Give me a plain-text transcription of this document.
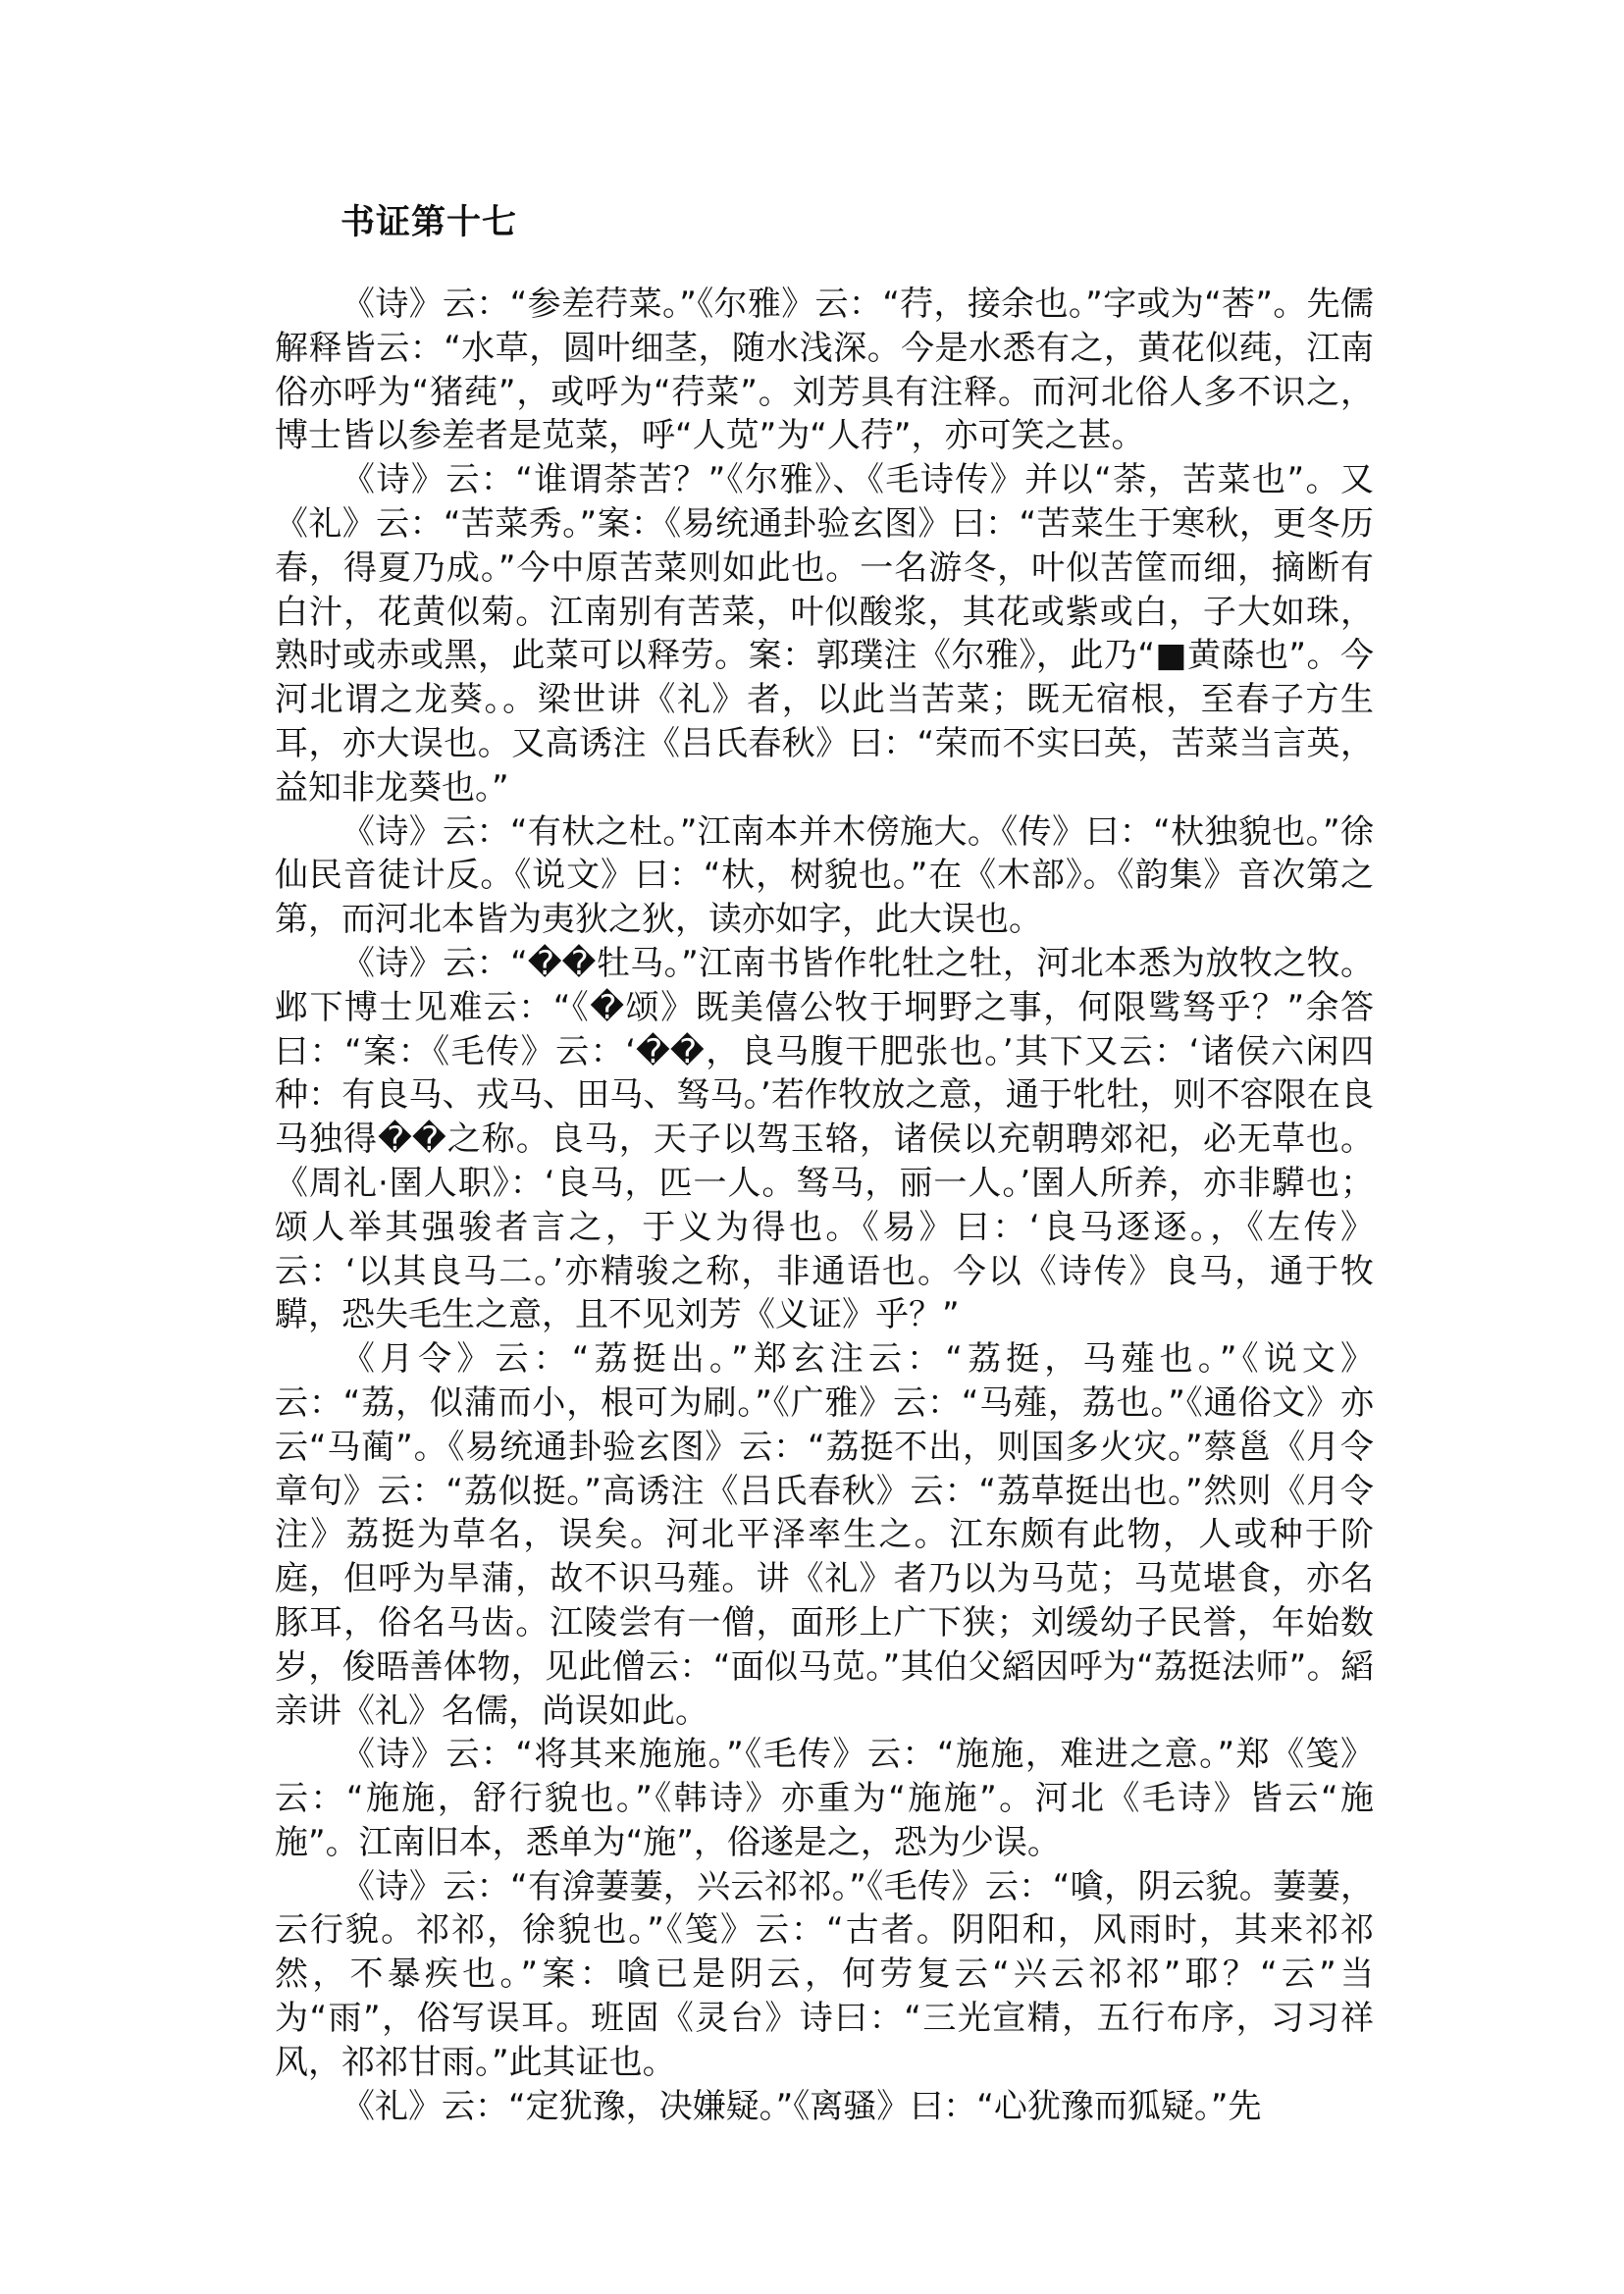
书证第十七

《诗》云：“参差荇菜。”《尔雅》云：“荇，接余也。”字或为“莕”。先儒解释皆云：“水草，圆叶细茎，随水浅深。今是水悉有之，黄花似莼，江南俗亦呼为“猪莼”，或呼为“荇菜”。刘芳具有注释。而河北俗人多不识之，博士皆以参差者是苋菜，呼“人苋”为“人荇”，亦可笑之甚。

《诗》云：“谁谓荼苦？”《尔雅》、《毛诗传》并以“荼，苦菜也”。又《礼》云：“苦菜秀。”案：《易统通卦验玄图》曰：“苦菜生于寒秋，更冬历春，得夏乃成。”今中原苦菜则如此也。一名游冬，叶似苦筐而细，摘断有白汁，花黄似菊。江南别有苦菜，叶似酸浆，其花或紫或白，子大如珠，熟时或赤或黑，此菜可以释劳。案：郭璞注《尔雅》，此乃“■黄蒢也”。今河北谓之龙葵。。梁世讲《礼》者，以此当苦菜；既无宿根，至春子方生耳，亦大误也。又高诱注《吕氏春秋》曰：“荣而不实曰英，苦菜当言英，益知非龙葵也。”

《诗》云：“有杕之杜。”江南本并木傍施大。《传》曰：“杕独貌也。”徐仙民音徒计反。《说文》曰：“杕，树貌也。”在《木部》。《韵集》音次第之第，而河北本皆为夷狄之狄，读亦如字，此大误也。

《诗》云：“��牡马。”江南书皆作牝牡之牡，河北本悉为放牧之牧。邺下博士见难云：“《�颂》既美僖公牧于坰野之事，何限骘驽乎？”余答曰：“案：《毛传》云：‘��，良马腹干肥张也。’其下又云：‘诸侯六闲四种：有良马、戎马、田马、驽马。’若作牧放之意，通于牝牡，则不容限在良马独得��之称。良马，天子以驾玉辂，诸侯以充朝聘郊祀，必无草也。《周礼·圉人职》：‘良马，匹一人。驽马，丽一人。’圉人所养，亦非騲也；颂人举其强骏者言之，于义为得也。《易》曰：‘良马逐逐。，《左传》云：‘以其良马二。’亦精骏之称，非通语也。今以《诗传》良马，通于牧騲，恐失毛生之意，且不见刘芳《义证》乎？”

《月令》云：“荔挺出。”郑玄注云：“荔挺，马薤也。”《说文》云：“荔，似蒲而小，根可为刷。”《广雅》云：“马薤，荔也。”《通俗文》亦云“马蔺”。《易统通卦验玄图》云：“荔挺不出，则国多火灾。”蔡邕《月令章句》云：“荔似挺。”高诱注《吕氏春秋》云：“荔草挺出也。”然则《月令注》荔挺为草名，误矣。河北平泽率生之。江东颇有此物，人或种于阶庭，但呼为旱蒲，故不识马薤。讲《礼》者乃以为马苋；马苋堪食，亦名豚耳，俗名马齿。江陵尝有一僧，面形上广下狭；刘缓幼子民誉，年始数岁，俊晤善体物，见此僧云：“面似马苋。”其伯父縚因呼为“荔挺法师”。縚亲讲《礼》名儒，尚误如此。

《诗》云：“将其来施施。”《毛传》云：“施施，难进之意。”郑《笺》云：“施施，舒行貌也。”《韩诗》亦重为“施施”。河北《毛诗》皆云“施施”。江南旧本，悉单为“施”，俗遂是之，恐为少误。

《诗》云：“有渰萋萋，兴云祁祁。”《毛传》云：“嗿，阴云貌。萋萋，云行貌。祁祁，徐貌也。”《笺》云：“古者。阴阳和，风雨时，其来祁祁然，不暴疾也。”案：嗿已是阴云，何劳复云“兴云祁祁”耶？“云”当为“雨”，俗写误耳。班固《灵台》诗曰：“三光宣精，五行布序，习习祥风，祁祁甘雨。”此其证也。

《礼》云：“定犹豫，决嫌疑。”《离骚》曰：“心犹豫而狐疑。”先
